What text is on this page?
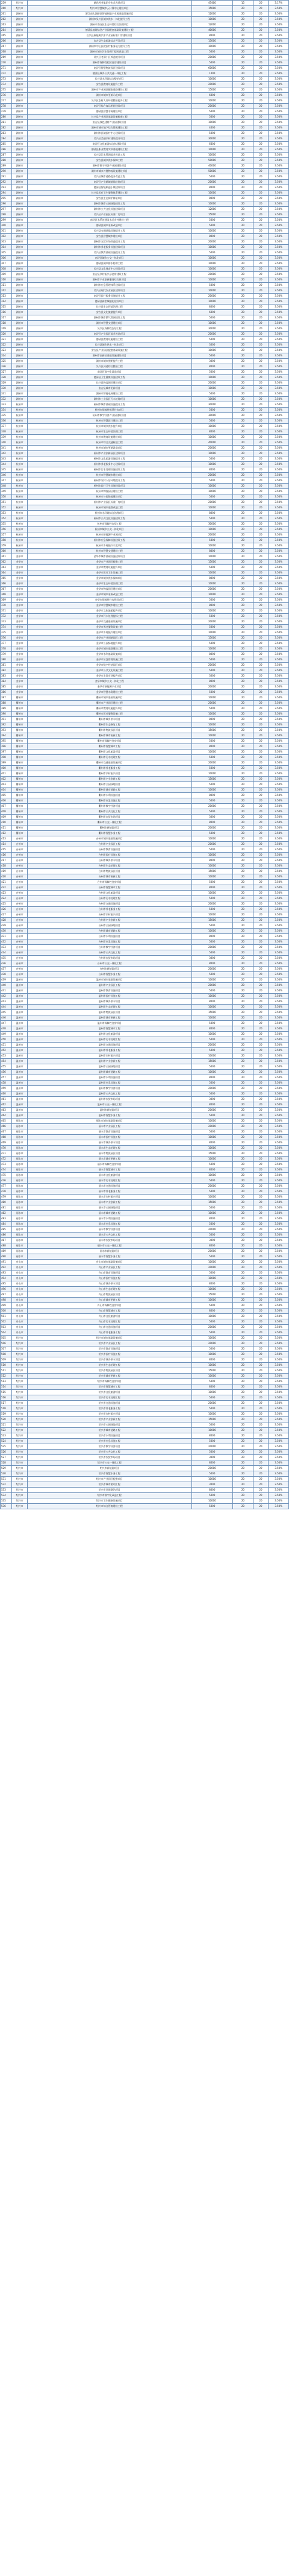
259	绍兴市	新昌药业集团分布式光伏项目	47400	15	20	3.17%
260	绍兴市	绍兴市智慧城市云计算中心建设项目	15000	20	20	3.50%
261	湖州市	浙江南太湖新区智能制造产业园基础设施项目	12000	20	20	3.50%
262	湖州市	湖州市吴兴区城乡供水一体化提升工程	10000	20	20	3.50%
263	湖州市	湖州市南浔区生态环境综合治理项目	12000	20	20	3.50%
264	湖州市	德清县地理信息产业园配套基础设施建设工程	40000	20	20	3.50%
265	湖州市	长兴县新能源汽车产业园标准厂房建设项目	8000	20	20	3.50%
266	湖州市	安吉县生态旅游综合开发项目	15000	20	20	3.50%
267	湖州市	湖州市中心医院医疗服务能力提升工程	10000	20	20	3.50%
268	湖州市	湖州市城市污水处理厂提标改造工程	5000	20	20	3.50%
269	湖州市	吴兴区老旧小区改造提升项目	20000	20	20	3.50%
270	湖州市	湖州市保障性租赁住房建设项目	5000	20	20	3.50%
271	湖州市	南浔区智慧物流园区建设项目	60000	20	20	3.50%
272	湖州市	德清县城乡公共交通一体化工程	1000	20	20	3.50%
273	湖州市	长兴县水环境综合整治项目	10000	20	20	3.50%
274	湖州市	安吉县教育设施提升工程	20000	20	20	3.50%
275	湖州市	湖州市产业园区配套道路建设工程	15000	20	20	3.50%
276	湖州市	湖州市城市更新示范项目	6000	20	20	3.50%
277	湖州市	吴兴区农村人居环境整治提升工程	10000	20	20	3.50%
278	湖州市	南浔区综合客运枢纽建设项目	20000	20	20	3.50%
279	湖州市	德清县智慧水务建设项目	5000	20	20	3.50%
280	湖州市	长兴县产业园区基础设施配套工程	5000	20	20	3.50%
281	湖州市	安吉县绿色建材产业园建设项目	10000	20	20	3.50%
282	湖州市	湖州市城市地下综合管廊建设工程	4000	20	20	3.50%
283	湖州市	湖州市区域医疗中心建设项目	5000	20	20	3.50%
284	湖州市	吴兴区美丽乡村建设提升项目	30000	20	20	3.50%
285	湖州市	南浔区文化旅游综合体建设项目	6300	20	20	3.50%
286	湖州市	德清县职业教育实训基地建设工程	10000	20	20	3.50%
287	湖州市	长兴县污水管网提升改造工程	10000	20	20	3.50%
288	湖州市	安吉县城乡供水保障工程	50000	20	20	3.50%
289	湖州市	湖州市数字经济产业园建设项目	40000	20	20	3.50%
290	湖州市	湖州市城乡冷链物流设施建设项目	50000	20	20	3.50%
291	湖州市	吴兴区城市道路提升改造工程	5000	20	20	3.50%
292	湖州市	南浔区产业新城基础设施项目	20000	20	20	3.50%
293	湖州市	德清县智能制造小镇建设项目	8000	20	20	3.50%
294	湖州市	长兴县医疗卫生服务体系建设工程	10000	20	20	3.50%
295	湖州市	安吉县生态保护修复项目	8000	20	20	3.50%
296	湖州市	湖州市城市公园绿地建设工程	10000	20	20	3.50%
297	湖州市	湖州市公共文化设施建设项目	12000	20	20	3.50%
298	湖州市	吴兴区产业园区标准厂房项目	15000	20	20	3.50%
299	湖州市	南浔区水系连通及水美乡村建设工程	5000	20	20	3.50%
300	湖州市	德清县城市更新改造项目	5000	20	20	3.50%
301	湖州市	长兴县交通基础设施提升工程	10000	20	20	3.50%
302	湖州市	安吉县智慧城市建设项目	8000	20	20	3.50%
303	湖州市	湖州市农贸市场改造提升工程	20000	20	20	3.50%
304	湖州市	湖州市养老服务设施建设项目	10000	20	20	3.50%
305	湖州市	吴兴区教育基础设施提升工程	5000	20	20	3.50%
306	湖州市	南浔区城乡公交一体化项目	10000	20	20	3.50%
307	湖州市	德清县城市排水防涝工程	10000	20	20	3.50%
308	湖州市	长兴县文化体育中心建设项目	10000	20	20	3.50%
309	湖州市	安吉县乡村振兴示范带建设工程	20000	20	20	3.50%
310	湖州市	湖州市产业创新服务综合体项目	10000	20	20	3.50%
311	湖州市	湖州市应急管理体系建设项目	5000	20	20	3.50%
312	湖州市	吴兴区现代农业园区建设项目	10000	20	20	3.50%
313	湖州市	南浔区医疗服务设施提升工程	20000	20	20	3.50%
314	湖州市	德清县新型城镇化建设项目	10000	20	20	3.50%
315	湖州市	长兴县生态环境治理工程	8000	20	20	3.50%
316	湖州市	安吉县文化旅游提升项目	6000	20	20	3.50%
317	湖州市	湖州市城市燃气管网建设工程	5000	20	20	3.50%
318	湖州市	湖州市智慧交通建设项目	10000	20	20	3.50%
319	湖州市	吴兴区保障性安居工程	30000	20	20	3.50%
320	湖州市	南浔区产业园区提升改造项目	20000	20	20	3.50%
321	湖州市	德清县教育设施建设工程	5000	20	20	3.50%
322	湖州市	长兴县城乡供水一体化项目	3000	20	20	3.50%
323	湖州市	安吉县产业园区配套基础设施工程	10000	20	20	3.50%
324	湖州市	湖州市高新区基础设施建设项目	5000	20	20	3.50%
325	湖州市	湖州市城市照明提升工程	3000	20	20	3.50%
326	湖州市	吴兴区河道综合整治工程	8000	20	20	3.50%
327	湖州市	南浔区数字化改造项目	5000	20	20	3.50%
328	湖州市	德清县卫生健康设施建设工程	10000	20	20	3.50%
329	湖州市	长兴县物流园区建设项目	20000	20	20	3.50%
330	湖州市	安吉县城市更新项目	10000	20	20	3.50%
331	湖州市	湖州市智能电网建设工程	5000	20	20	3.50%
332	湖州市	湖州市工业园区污水处理项目	10000	20	20	3.50%
333	杭州市	杭州市城市基础设施提升工程	30000	20	20	3.50%
334	杭州市	杭州市保障性租赁住房项目	5000	20	20	3.50%
335	杭州市	杭州市数字经济产业园建设项目	30000	20	20	3.50%
336	杭州市	杭州市智慧医疗建设工程	5000	20	20	3.50%
337	杭州市	杭州市城乡供水提升项目	10000	20	20	3.50%
338	杭州市	杭州市生态环境治理工程	8000	20	20	3.50%
339	杭州市	杭州市教育设施建设项目	10000	20	20	3.50%
340	杭州市	杭州市综合交通枢纽工程	40000	20	20	3.50%
341	杭州市	杭州市城市更新改造项目	20000	20	20	3.50%
342	杭州市	杭州市产业创新园区建设项目	10000	20	20	3.50%
343	杭州市	杭州市文化旅游设施提升工程	5000	20	20	3.50%
344	杭州市	杭州市养老服务中心建设项目	10000	20	20	3.50%
345	杭州市	杭州市污水处理设施建设工程	8000	20	20	3.50%
346	杭州市	杭州市智慧城市建设项目	20000	20	20	3.50%
347	杭州市	杭州市农村人居环境提升工程	5000	20	20	3.50%
348	杭州市	杭州市医疗卫生设施建设项目	10000	20	20	3.50%
349	杭州市	杭州市物流园区建设工程	10000	20	20	3.50%
350	杭州市	杭州市公园绿地建设项目	5000	20	20	3.50%
351	杭州市	杭州市产业园区标准厂房项目	20000	20	20	3.50%
352	杭州市	杭州市城市道路改造工程	10000	20	20	3.50%
353	杭州市	杭州市水环境综合治理项目	8000	20	20	3.50%
354	杭州市	杭州市公共文化设施建设工程	5000	20	20	3.50%
355	杭州市	杭州市保障性安居工程	30000	20	20	3.50%
356	杭州市	杭州市城乡公交一体化项目	10000	20	20	3.50%
357	杭州市	杭州市新能源产业园项目	20000	20	20	3.50%
358	杭州市	杭州市应急保障设施建设工程	5000	20	20	3.50%
359	杭州市	杭州市乡村振兴示范项目	10000	20	20	3.50%
360	杭州市	杭州市智慧交通建设工程	8000	20	20	3.50%
361	金华市	金华市城市基础设施建设项目	10000	20	20	3.50%
362	金华市	金华市产业园区配套工程	15000	20	20	3.50%
363	金华市	金华市教育设施提升项目	5000	20	20	3.50%
364	金华市	金华市医疗卫生设施工程	10000	20	20	3.50%
365	金华市	金华市城乡供水保障项目	8000	20	20	3.50%
366	金华市	金华市生态环境治理工程	10000	20	20	3.50%
367	金华市	金华市物流园区建设项目	20000	20	20	3.50%
368	金华市	金华市城市更新改造工程	10000	20	20	3.50%
369	金华市	金华市保障性住房建设项目	5000	20	20	3.50%
370	金华市	金华市智慧城市建设工程	8000	20	20	3.50%
371	金华市	金华市文化旅游提升项目	10000	20	20	3.50%
372	金华市	金华市污水处理提标工程	5000	20	20	3.50%
373	金华市	金华市交通基础设施项目	20000	20	20	3.50%
374	金华市	金华市养老服务设施工程	5000	20	20	3.50%
375	金华市	金华市乡村振兴建设项目	10000	20	20	3.50%
376	金华市	金华市产业创新园区工程	15000	20	20	3.50%
377	金华市	金华市公园绿地提升项目	5000	20	20	3.50%
378	金华市	金华市城市道路建设工程	10000	20	20	3.50%
379	金华市	金华市水利基础设施项目	8000	20	20	3.50%
380	金华市	金华市应急管理设施工程	5000	20	20	3.50%
381	金华市	金华市数字经济园区项目	20000	20	20	3.50%
382	金华市	金华市公共文化设施工程	5000	20	20	3.50%
383	金华市	金华市农贸市场提升项目	3000	20	20	3.50%
384	金华市	金华市城乡公交一体化工程	8000	20	20	3.50%
385	金华市	金华市新能源产业项目	20000	20	20	3.50%
386	金华市	金华市智慧水务建设工程	5000	20	20	3.50%
387	衢州市	衢州市城市基础设施项目	10000	20	20	3.50%
388	衢州市	衢州市产业园区建设工程	20000	20	20	3.50%
389	衢州市	衢州市教育设施提升项目	5000	20	20	3.50%
390	衢州市	衢州市医疗服务设施工程	10000	20	20	3.50%
391	衢州市	衢州市城乡供水项目	8000	20	20	3.50%
392	衢州市	衢州市生态修复工程	10000	20	20	3.50%
393	衢州市	衢州市物流园区项目	15000	20	20	3.50%
394	衢州市	衢州市城市更新工程	10000	20	20	3.50%
395	衢州市	衢州市保障性住房项目	5000	20	20	3.50%
396	衢州市	衢州市智慧城市工程	8000	20	20	3.50%
397	衢州市	衢州市文化旅游项目	10000	20	20	3.50%
398	衢州市	衢州市污水处理工程	5000	20	20	3.50%
399	衢州市	衢州市交通基础设施项目	20000	20	20	3.50%
400	衢州市	衢州市养老服务工程	5000	20	20	3.50%
401	衢州市	衢州市乡村振兴项目	10000	20	20	3.50%
402	衢州市	衢州市产业创新工程	15000	20	20	3.50%
403	衢州市	衢州市公园绿地项目	5000	20	20	3.50%
404	衢州市	衢州市城市道路工程	10000	20	20	3.50%
405	衢州市	衢州市水利设施项目	8000	20	20	3.50%
406	衢州市	衢州市应急设施工程	5000	20	20	3.50%
407	衢州市	衢州市数字经济项目	20000	20	20	3.50%
408	衢州市	衢州市公共文化工程	5000	20	20	3.50%
409	衢州市	衢州市农贸市场项目	3000	20	20	3.50%
410	衢州市	衢州市公交一体化工程	8000	20	20	3.50%
411	衢州市	衢州市新能源项目	20000	20	20	3.50%
412	衢州市	衢州市智慧水务工程	5000	20	20	3.50%
413	台州市	台州市城市基础设施项目	10000	20	20	3.50%
414	台州市	台州市产业园区工程	20000	20	20	3.50%
415	台州市	台州市教育设施项目	5000	20	20	3.50%
416	台州市	台州市医疗设施工程	10000	20	20	3.50%
417	台州市	台州市城乡供水项目	8000	20	20	3.50%
418	台州市	台州市生态治理工程	10000	20	20	3.50%
419	台州市	台州市物流园区项目	15000	20	20	3.50%
420	台州市	台州市城市更新工程	10000	20	20	3.50%
421	台州市	台州市保障性住房项目	5000	20	20	3.50%
422	台州市	台州市智慧城市工程	8000	20	20	3.50%
423	台州市	台州市文化旅游项目	10000	20	20	3.50%
424	台州市	台州市污水处理工程	5000	20	20	3.50%
425	台州市	台州市交通设施项目	20000	20	20	3.50%
426	台州市	台州市养老服务工程	5000	20	20	3.50%
427	台州市	台州市乡村振兴项目	10000	20	20	3.50%
428	台州市	台州市产业创新工程	15000	20	20	3.50%
429	台州市	台州市公园绿地项目	5000	20	20	3.50%
430	台州市	台州市城市道路工程	10000	20	20	3.50%
431	台州市	台州市水利设施项目	8000	20	20	3.50%
432	台州市	台州市应急设施工程	5000	20	20	3.50%
433	台州市	台州市数字经济项目	20000	20	20	3.50%
434	台州市	台州市公共文化工程	5000	20	20	3.50%
435	台州市	台州市农贸市场项目	3000	20	20	3.50%
436	台州市	台州市公交一体化工程	8000	20	20	3.50%
437	台州市	台州市新能源项目	20000	20	20	3.50%
438	台州市	台州市智慧水务工程	5000	20	20	3.50%
439	温州市	温州市城市基础设施项目	10000	20	20	3.50%
440	温州市	温州市产业园区工程	20000	20	20	3.50%
441	温州市	温州市教育设施项目	5000	20	20	3.50%
442	温州市	温州市医疗设施工程	10000	20	20	3.50%
443	温州市	温州市城乡供水项目	8000	20	20	3.50%
444	温州市	温州市生态治理工程	10000	20	20	3.50%
445	温州市	温州市物流园区项目	15000	20	20	3.50%
446	温州市	温州市城市更新工程	10000	20	20	3.50%
447	温州市	温州市保障性住房项目	5000	20	20	3.50%
448	温州市	温州市智慧城市工程	8000	20	20	3.50%
449	温州市	温州市文化旅游项目	10000	20	20	3.50%
450	温州市	温州市污水处理工程	5000	20	20	3.50%
451	温州市	温州市交通设施项目	20000	20	20	3.50%
452	温州市	温州市养老服务工程	5000	20	20	3.50%
453	温州市	温州市乡村振兴项目	10000	20	20	3.50%
454	温州市	温州市产业创新工程	15000	20	20	3.50%
455	温州市	温州市公园绿地项目	5000	20	20	3.50%
456	温州市	温州市城市道路工程	10000	20	20	3.50%
457	温州市	温州市水利设施项目	8000	20	20	3.50%
458	温州市	温州市应急设施工程	5000	20	20	3.50%
459	温州市	温州市数字经济项目	20000	20	20	3.50%
460	温州市	温州市公共文化工程	5000	20	20	3.50%
461	温州市	温州市农贸市场项目	3000	20	20	3.50%
462	温州市	温州市公交一体化工程	8000	20	20	3.50%
463	温州市	温州市新能源项目	20000	20	20	3.50%
464	温州市	温州市智慧水务工程	5000	20	20	3.50%
465	丽水市	丽水市城市基础设施项目	10000	20	20	3.50%
466	丽水市	丽水市产业园区工程	20000	20	20	3.50%
467	丽水市	丽水市教育设施项目	5000	20	20	3.50%
468	丽水市	丽水市医疗设施工程	10000	20	20	3.50%
469	丽水市	丽水市城乡供水项目	8000	20	20	3.50%
470	丽水市	丽水市生态治理工程	10000	20	20	3.50%
471	丽水市	丽水市物流园区项目	15000	20	20	3.50%
472	丽水市	丽水市城市更新工程	10000	20	20	3.50%
473	丽水市	丽水市保障性住房项目	5000	20	20	3.50%
474	丽水市	丽水市智慧城市工程	8000	20	20	3.50%
475	丽水市	丽水市文化旅游项目	10000	20	20	3.50%
476	丽水市	丽水市污水处理工程	5000	20	20	3.50%
477	丽水市	丽水市交通设施项目	20000	20	20	3.50%
478	丽水市	丽水市养老服务工程	5000	20	20	3.50%
479	丽水市	丽水市乡村振兴项目	10000	20	20	3.50%
480	丽水市	丽水市产业创新工程	15000	20	20	3.50%
481	丽水市	丽水市公园绿地项目	5000	20	20	3.50%
482	丽水市	丽水市城市道路工程	10000	20	20	3.50%
483	丽水市	丽水市水利设施项目	8000	20	20	3.50%
484	丽水市	丽水市应急设施工程	5000	20	20	3.50%
485	丽水市	丽水市数字经济项目	20000	20	20	3.50%
486	丽水市	丽水市公共文化工程	5000	20	20	3.50%
487	丽水市	丽水市农贸市场项目	3000	20	20	3.50%
488	丽水市	丽水市公交一体化工程	8000	20	20	3.50%
489	丽水市	丽水市新能源项目	20000	20	20	3.50%
490	丽水市	丽水市智慧水务工程	5000	20	20	3.50%
491	舟山市	舟山市城市基础设施项目	10000	20	20	3.50%
492	舟山市	舟山市产业园区工程	20000	20	20	3.50%
493	舟山市	舟山市教育设施项目	5000	20	20	3.50%
494	舟山市	舟山市医疗设施工程	10000	20	20	3.50%
495	舟山市	舟山市城乡供水项目	8000	20	20	3.50%
496	舟山市	舟山市生态治理工程	10000	20	20	3.50%
497	舟山市	舟山市物流园区项目	15000	20	20	3.50%
498	舟山市	舟山市城市更新工程	10000	20	20	3.50%
499	舟山市	舟山市保障性住房项目	5000	20	20	3.50%
500	舟山市	舟山市智慧城市工程	8000	20	20	3.50%
501	舟山市	舟山市文化旅游项目	10000	20	20	3.50%
502	舟山市	舟山市污水处理工程	5000	20	20	3.50%
503	舟山市	舟山市交通设施项目	20000	20	20	3.50%
504	舟山市	舟山市养老服务工程	5000	20	20	3.50%
505	绍兴市	绍兴市城市基础设施项目	10000	20	20	3.50%
506	绍兴市	绍兴市产业园区工程	20000	20	20	3.50%
507	绍兴市	绍兴市教育设施项目	5000	20	20	3.50%
508	绍兴市	绍兴市医疗设施工程	10000	20	20	3.50%
509	绍兴市	绍兴市城乡供水项目	8000	20	20	3.50%
510	绍兴市	绍兴市生态治理工程	10000	20	20	3.50%
511	绍兴市	绍兴市物流园区项目	15000	20	20	3.50%
512	绍兴市	绍兴市城市更新工程	10000	20	20	3.50%
513	绍兴市	绍兴市保障性住房项目	5000	20	20	3.50%
514	绍兴市	绍兴市智慧城市工程	8000	20	20	3.50%
515	绍兴市	绍兴市文化旅游项目	10000	20	20	3.50%
516	绍兴市	绍兴市污水处理工程	5000	20	20	3.50%
517	绍兴市	绍兴市交通设施项目	20000	20	20	3.50%
518	绍兴市	绍兴市养老服务工程	5000	20	20	3.50%
519	绍兴市	绍兴市乡村振兴项目	10000	20	20	3.50%
520	绍兴市	绍兴市产业创新工程	15000	20	20	3.50%
521	绍兴市	绍兴市公园绿地项目	5000	20	20	3.50%
522	绍兴市	绍兴市城市道路工程	10000	20	20	3.50%
523	绍兴市	绍兴市水利设施项目	8000	20	20	3.50%
524	绍兴市	绍兴市应急设施工程	5000	20	20	3.50%
525	绍兴市	绍兴市数字经济项目	20000	20	20	3.50%
526	绍兴市	绍兴市公共文化工程	5000	20	20	3.50%
527	绍兴市	绍兴市农贸市场项目	3000	20	20	3.50%
528	绍兴市	绍兴市公交一体化工程	8000	20	20	3.50%
529	绍兴市	绍兴市新能源项目	20000	20	20	3.50%
530	绍兴市	绍兴市智慧水务工程	5000	20	20	3.50%
531	绍兴市	绍兴市产业园区配套项目	10000	20	20	3.50%
532	绍兴市	绍兴市城市照明工程	3000	20	20	3.50%
533	绍兴市	绍兴市河道整治项目	8000	20	20	3.50%
534	绍兴市	绍兴市数字化改造工程	5000	20	20	3.50%
535	绍兴市	绍兴市卫生健康设施项目	10000	20	20	3.50%
536	绍兴市	绍兴市综合管廊建设工程	5000	20	20	3.50%
